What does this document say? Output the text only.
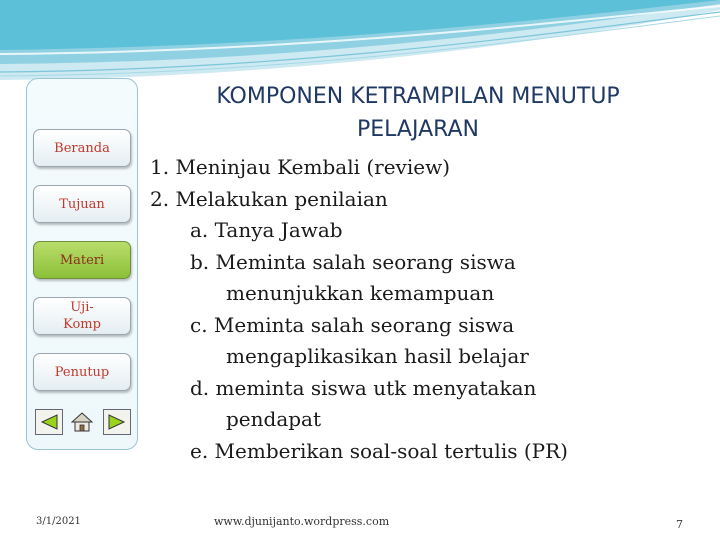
Beranda
Tujuan
Materi
Uji-
Komp
Penutup
KOMPONEN KETRAMPILAN MENUTUP
PELAJARAN
1. Meninjau Kembali (review)
2. Melakukan penilaian
a. Tanya Jawab
b. Meminta salah seorang siswa
menunjukkan kemampuan
c. Meminta salah seorang siswa
mengaplikasikan hasil belajar
d. meminta siswa utk menyatakan
pendapat
e. Memberikan soal-soal tertulis (PR)
3/1/2021	www.djunijanto.wordpress.com	7
